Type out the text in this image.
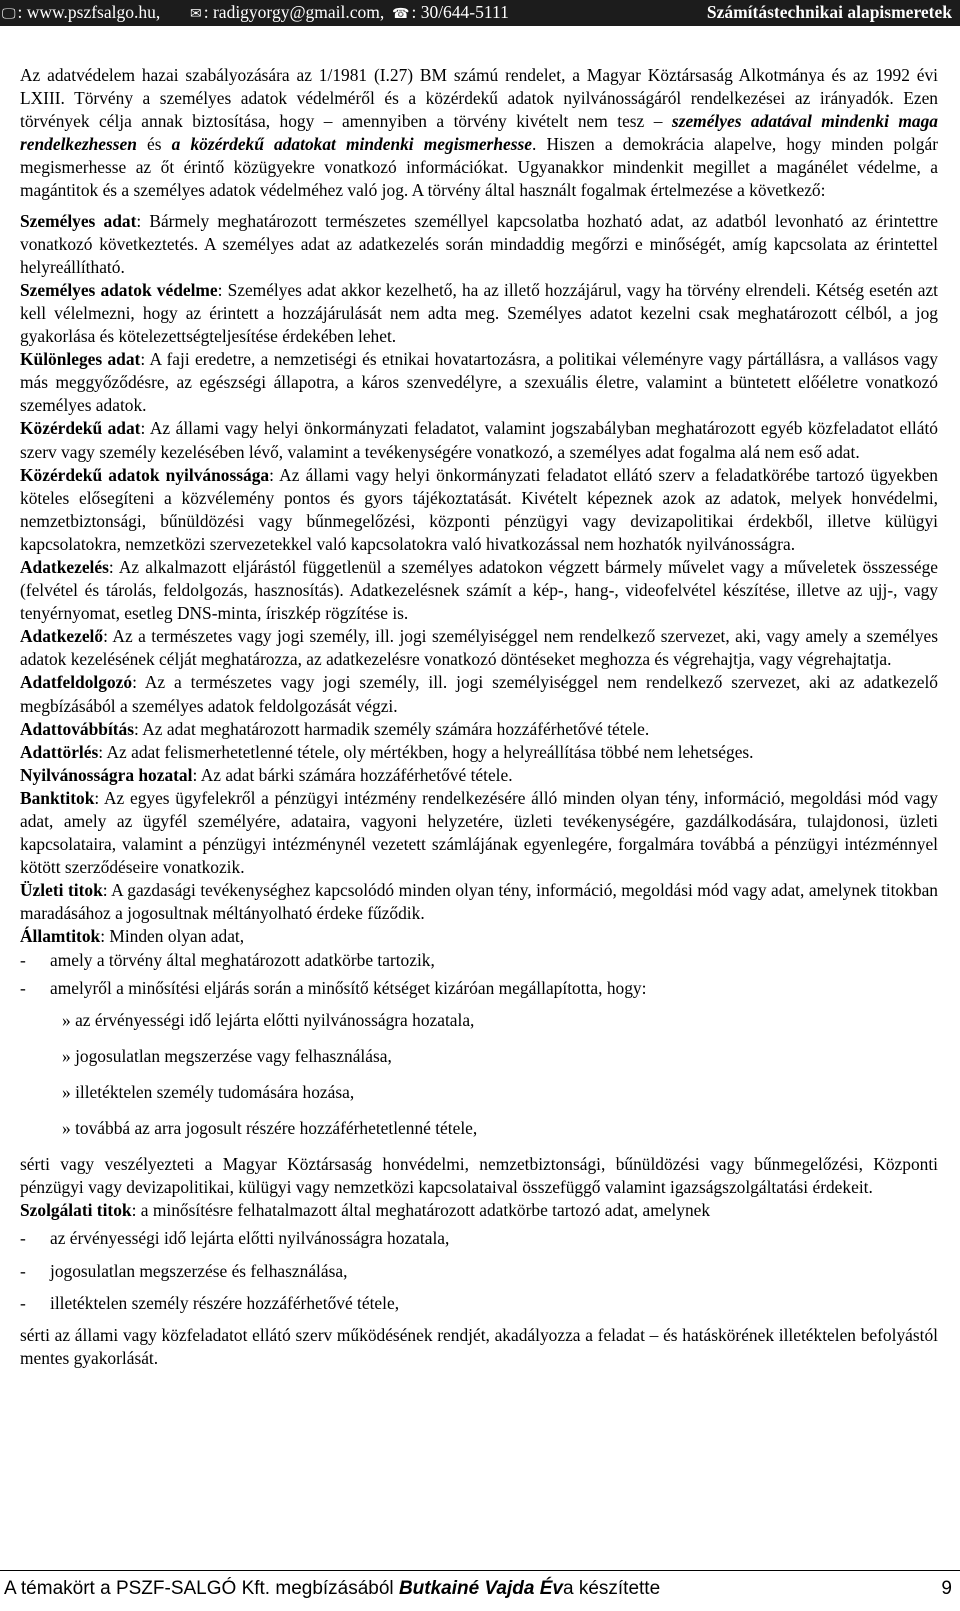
🖵 : www.pszfsalgo.hu, ✉ : radigyorgy@gmail.com, ☎ : 30/644-5111	Számítástechnikai alapismeretek

Az adatvédelem hazai szabályozására az 1/1981 (I.27) BM számú rendelet, a Magyar Köztársaság Alkotmánya és az 1992 évi LXIII. Törvény a személyes adatok védelméről és a közérdekű adatok nyilvánosságáról rendelkezései az irányadók. Ezen törvények célja annak biztosítása, hogy – amennyiben a törvény kivételt nem tesz – személyes adatával mindenki maga rendelkezhessen és a közérdekű adatokat mindenki megismerhesse. Hiszen a demokrácia alapelve, hogy minden polgár megismerhesse az őt érintő közügyekre vonatkozó információkat. Ugyanakkor mindenkit megillet a magánélet védelme, a magántitok és a személyes adatok védelméhez való jog. A törvény által használt fogalmak értelmezése a következő:

Személyes adat: Bármely meghatározott természetes személlyel kapcsolatba hozható adat, az adatból levonható az érintettre vonatkozó következtetés. A személyes adat az adatkezelés során mindaddig megőrzi e minőségét, amíg kapcsolata az érintettel helyreállítható.

Személyes adatok védelme: Személyes adat akkor kezelhető, ha az illető hozzájárul, vagy ha törvény elrendeli. Kétség esetén azt kell vélelmezni, hogy az érintett a hozzájárulását nem adta meg. Személyes adatot kezelni csak meghatározott célból, a jog gyakorlása és kötelezettségteljesítése érdekében lehet.

Különleges adat: A faji eredetre, a nemzetiségi és etnikai hovatartozásra, a politikai véleményre vagy pártállásra, a vallásos vagy más meggyőződésre, az egészségi állapotra, a káros szenvedélyre, a szexuális életre, valamint a büntetett előéletre vonatkozó személyes adatok.

Közérdekű adat: Az állami vagy helyi önkormányzati feladatot, valamint jogszabályban meghatározott egyéb közfeladatot ellátó szerv vagy személy kezelésében lévő, valamint a tevékenységére vonatkozó, a személyes adat fogalma alá nem eső adat.

Közérdekű adatok nyilvánossága: Az állami vagy helyi önkormányzati feladatot ellátó szerv a feladatkörébe tartozó ügyekben köteles elősegíteni a közvélemény pontos és gyors tájékoztatását. Kivételt képeznek azok az adatok, melyek honvédelmi, nemzetbiztonsági, bűnüldözési vagy bűnmegelőzési, központi pénzügyi vagy devizapolitikai érdekből, illetve külügyi kapcsolatokra, nemzetközi szervezetekkel való kapcsolatokra való hivatkozással nem hozhatók nyilvánosságra.

Adatkezelés: Az alkalmazott eljárástól függetlenül a személyes adatokon végzett bármely művelet vagy a műveletek összessége (felvétel és tárolás, feldolgozás, hasznosítás). Adatkezelésnek számít a kép-, hang-, videofelvétel készítése, illetve az ujj-, vagy tenyérnyomat, esetleg DNS-minta, íriszkép rögzítése is.

Adatkezelő: Az a természetes vagy jogi személy, ill. jogi személyiséggel nem rendelkező szervezet, aki, vagy amely a személyes adatok kezelésének célját meghatározza, az adatkezelésre vonatkozó döntéseket meghozza és végrehajtja, vagy végrehajtatja.

Adatfeldolgozó: Az a természetes vagy jogi személy, ill. jogi személyiséggel nem rendelkező szervezet, aki az adatkezelő megbízásából a személyes adatok feldolgozását végzi.

Adattovábbítás: Az adat meghatározott harmadik személy számára hozzáférhetővé tétele.

Adattörlés: Az adat felismerhetetlenné tétele, oly mértékben, hogy a helyreállítása többé nem lehetséges.

Nyilvánosságra hozatal: Az adat bárki számára hozzáférhetővé tétele.

Banktitok: Az egyes ügyfelekről a pénzügyi intézmény rendelkezésére álló minden olyan tény, információ, megoldási mód vagy adat, amely az ügyfél személyére, adataira, vagyoni helyzetére, üzleti tevékenységére, gazdálkodására, tulajdonosi, üzleti kapcsolataira, valamint a pénzügyi intézménynél vezetett számlájának egyenlegére, forgalmára továbbá a pénzügyi intézménnyel kötött szerződéseire vonatkozik.

Üzleti titok: A gazdasági tevékenységhez kapcsolódó minden olyan tény, információ, megoldási mód vagy adat, amelynek titokban maradásához a jogosultnak méltányolható érdeke fűződik.

Államtitok: Minden olyan adat,

-	amely a törvény által meghatározott adatkörbe tartozik,
-	amelyről a minősítési eljárás során a minősítő kétséget kizáróan megállapította, hogy:
» az érvényességi idő lejárta előtti nyilvánosságra hozatala,
» jogosulatlan megszerzése vagy felhasználása,
» illetéktelen személy tudomására hozása,
» továbbá az arra jogosult részére hozzáférhetetlenné tétele,

sérti vagy veszélyezteti a Magyar Köztársaság honvédelmi, nemzetbiztonsági, bűnüldözési vagy bűnmegelőzési, Központi pénzügyi vagy devizapolitikai, külügyi vagy nemzetközi kapcsolataival összefüggő valamint igazságszolgáltatási érdekeit.

Szolgálati titok: a minősítésre felhatalmazott által meghatározott adatkörbe tartozó adat, amelynek

-	az érvényességi idő lejárta előtti nyilvánosságra hozatala,
-	jogosulatlan megszerzése és felhasználása,
-	illetéktelen személy részére hozzáférhetővé tétele,

sérti az állami vagy közfeladatot ellátó szerv működésének rendjét, akadályozza a feladat – és hatáskörének illetéktelen befolyástól mentes gyakorlását.

A témakört a PSZF-SALGÓ Kft. megbízásából Butkainé Vajda Éva készítette	9
